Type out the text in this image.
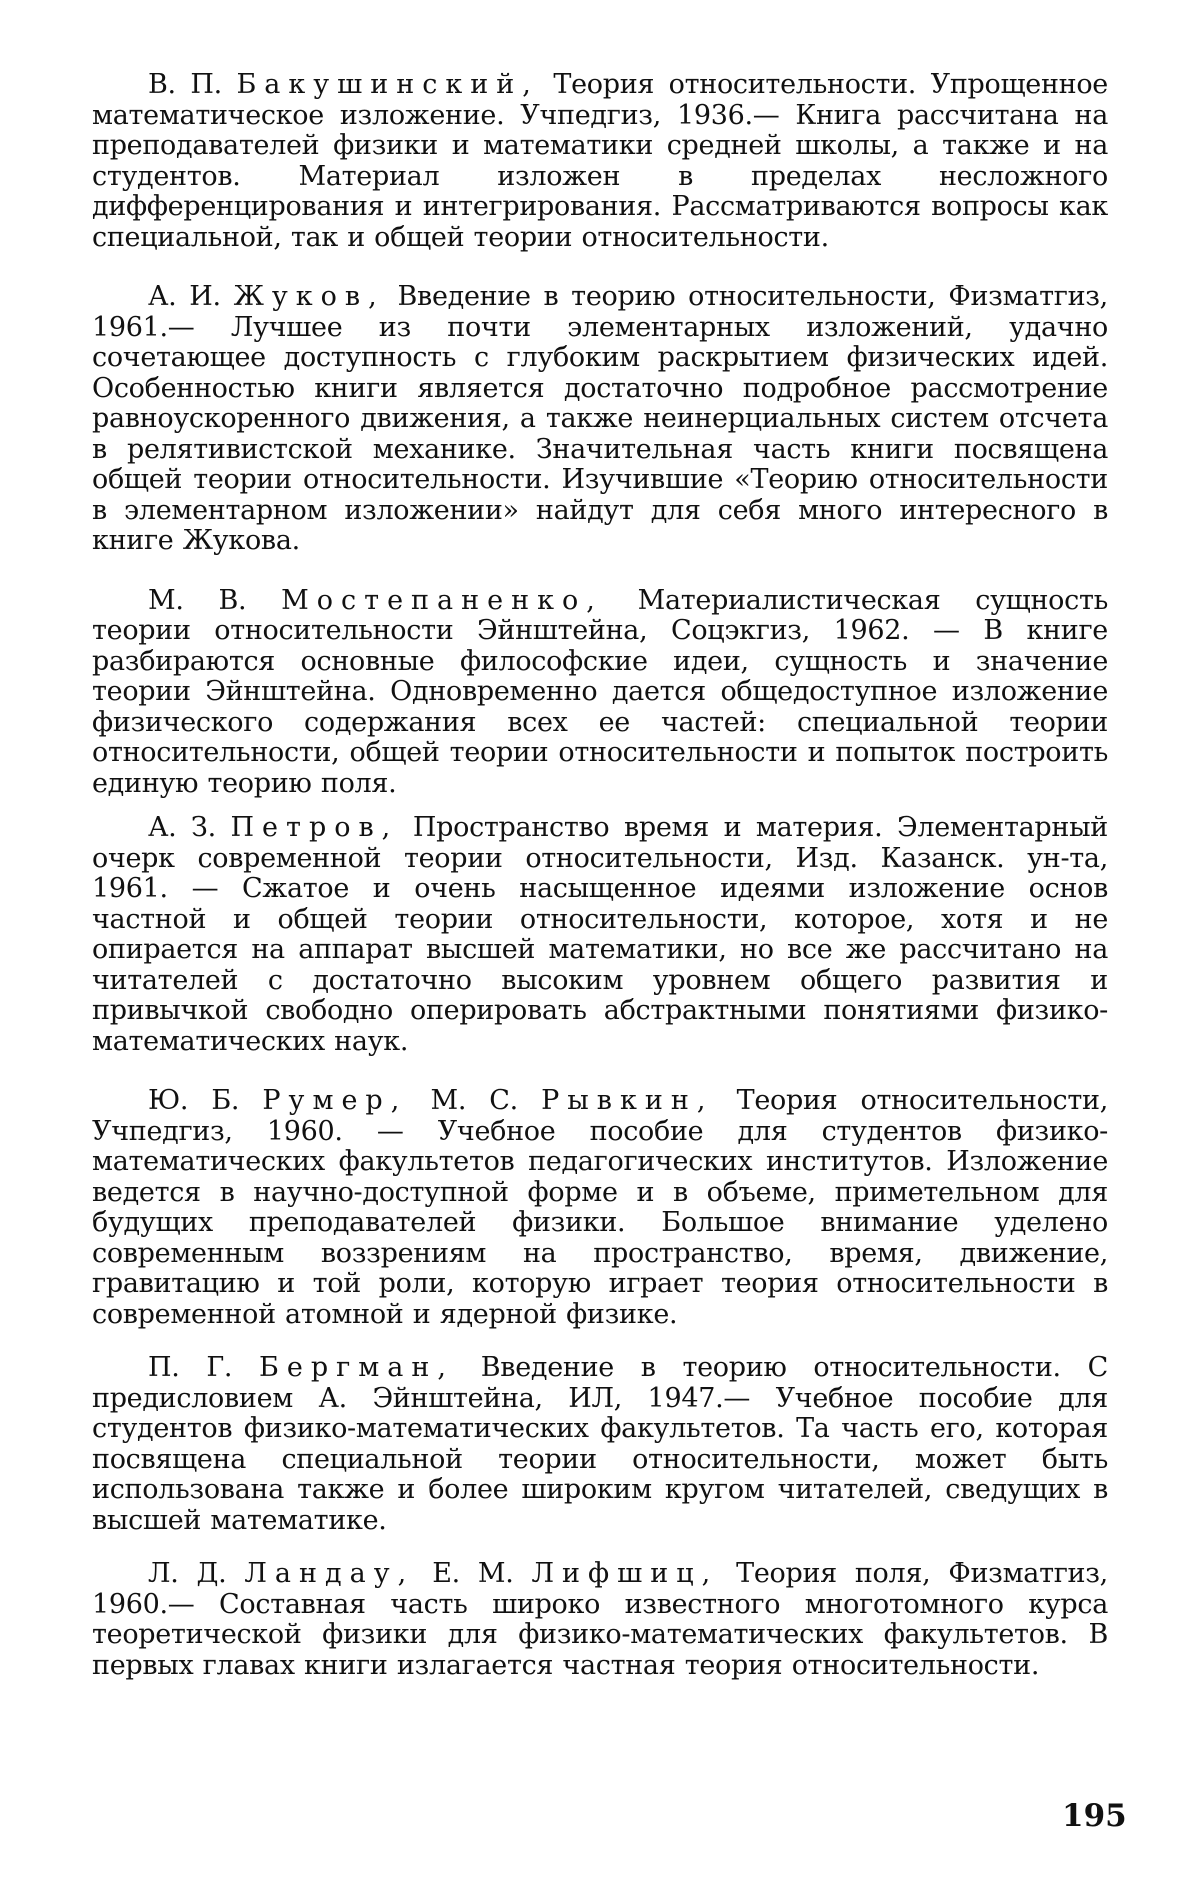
В. П. Бакушинский, Теория относительности. Упрощенное математическое изложение. Учпедгиз, 1936.— Книга рассчитана на преподавателей физики и математики средней школы, а также и на студентов. Материал изложен в пределах несложного дифференцирования и интегрирования. Рассматриваются вопросы как специальной, так и общей теории относительности.

А. И. Жуков, Введение в теорию относительности, Физматгиз, 1961.— Лучшее из почти элементарных изложений, удачно сочетающее доступность с глубоким раскрытием физических идей. Особенностью книги является достаточно подробное рассмотрение равноускоренного движения, а также неинерциальных систем отсчета в релятивистской механике. Значительная часть книги посвящена общей теории относительности. Изучившие «Теорию относительности в элементарном изложении» найдут для себя много интересного в книге Жукова.

М. В. Мостепаненко, Материалистическая сущность теории относительности Эйнштейна, Соцэкгиз, 1962. — В книге разбираются основные философские идеи, сущность и значение теории Эйнштейна. Одновременно дается общедоступное изложение физического содержания всех ее частей: специальной теории относительности, общей теории относительности и попыток построить единую теорию поля.

А. З. Петров, Пространство время и материя. Элементарный очерк современной теории относительности, Изд. Казанск. ун-та, 1961. — Сжатое и очень насыщенное идеями изложение основ частной и общей теории относительности, которое, хотя и не опирается на аппарат высшей математики, но все же рассчитано на читателей с достаточно высоким уровнем общего развития и привычкой свободно оперировать абстрактными понятиями физико-математических наук.

Ю. Б. Румер, М. С. Рывкин, Теория относительности, Учпедгиз, 1960. — Учебное пособие для студентов физико-математических факультетов педагогических институтов. Изложение ведется в научно-доступной форме и в объеме, приметельном для будущих преподавателей физики. Большое внимание уделено современным воззрениям на пространство, время, движение, гравитацию и той роли, которую играет теория относительности в современной атомной и ядерной физике.

П. Г. Бергман, Введение в теорию относительности. С предисловием А. Эйнштейна, ИЛ, 1947.— Учебное пособие для студентов физико-математических факультетов. Та часть его, которая посвящена специальной теории относительности, может быть использована также и более широким кругом читателей, сведущих в высшей математике.

Л. Д. Ландау, Е. М. Лифшиц, Теория поля, Физматгиз, 1960.— Составная часть широко известного многотомного курса теоретической физики для физико-математических факультетов. В первых главах книги излагается частная теория относительности.

195
